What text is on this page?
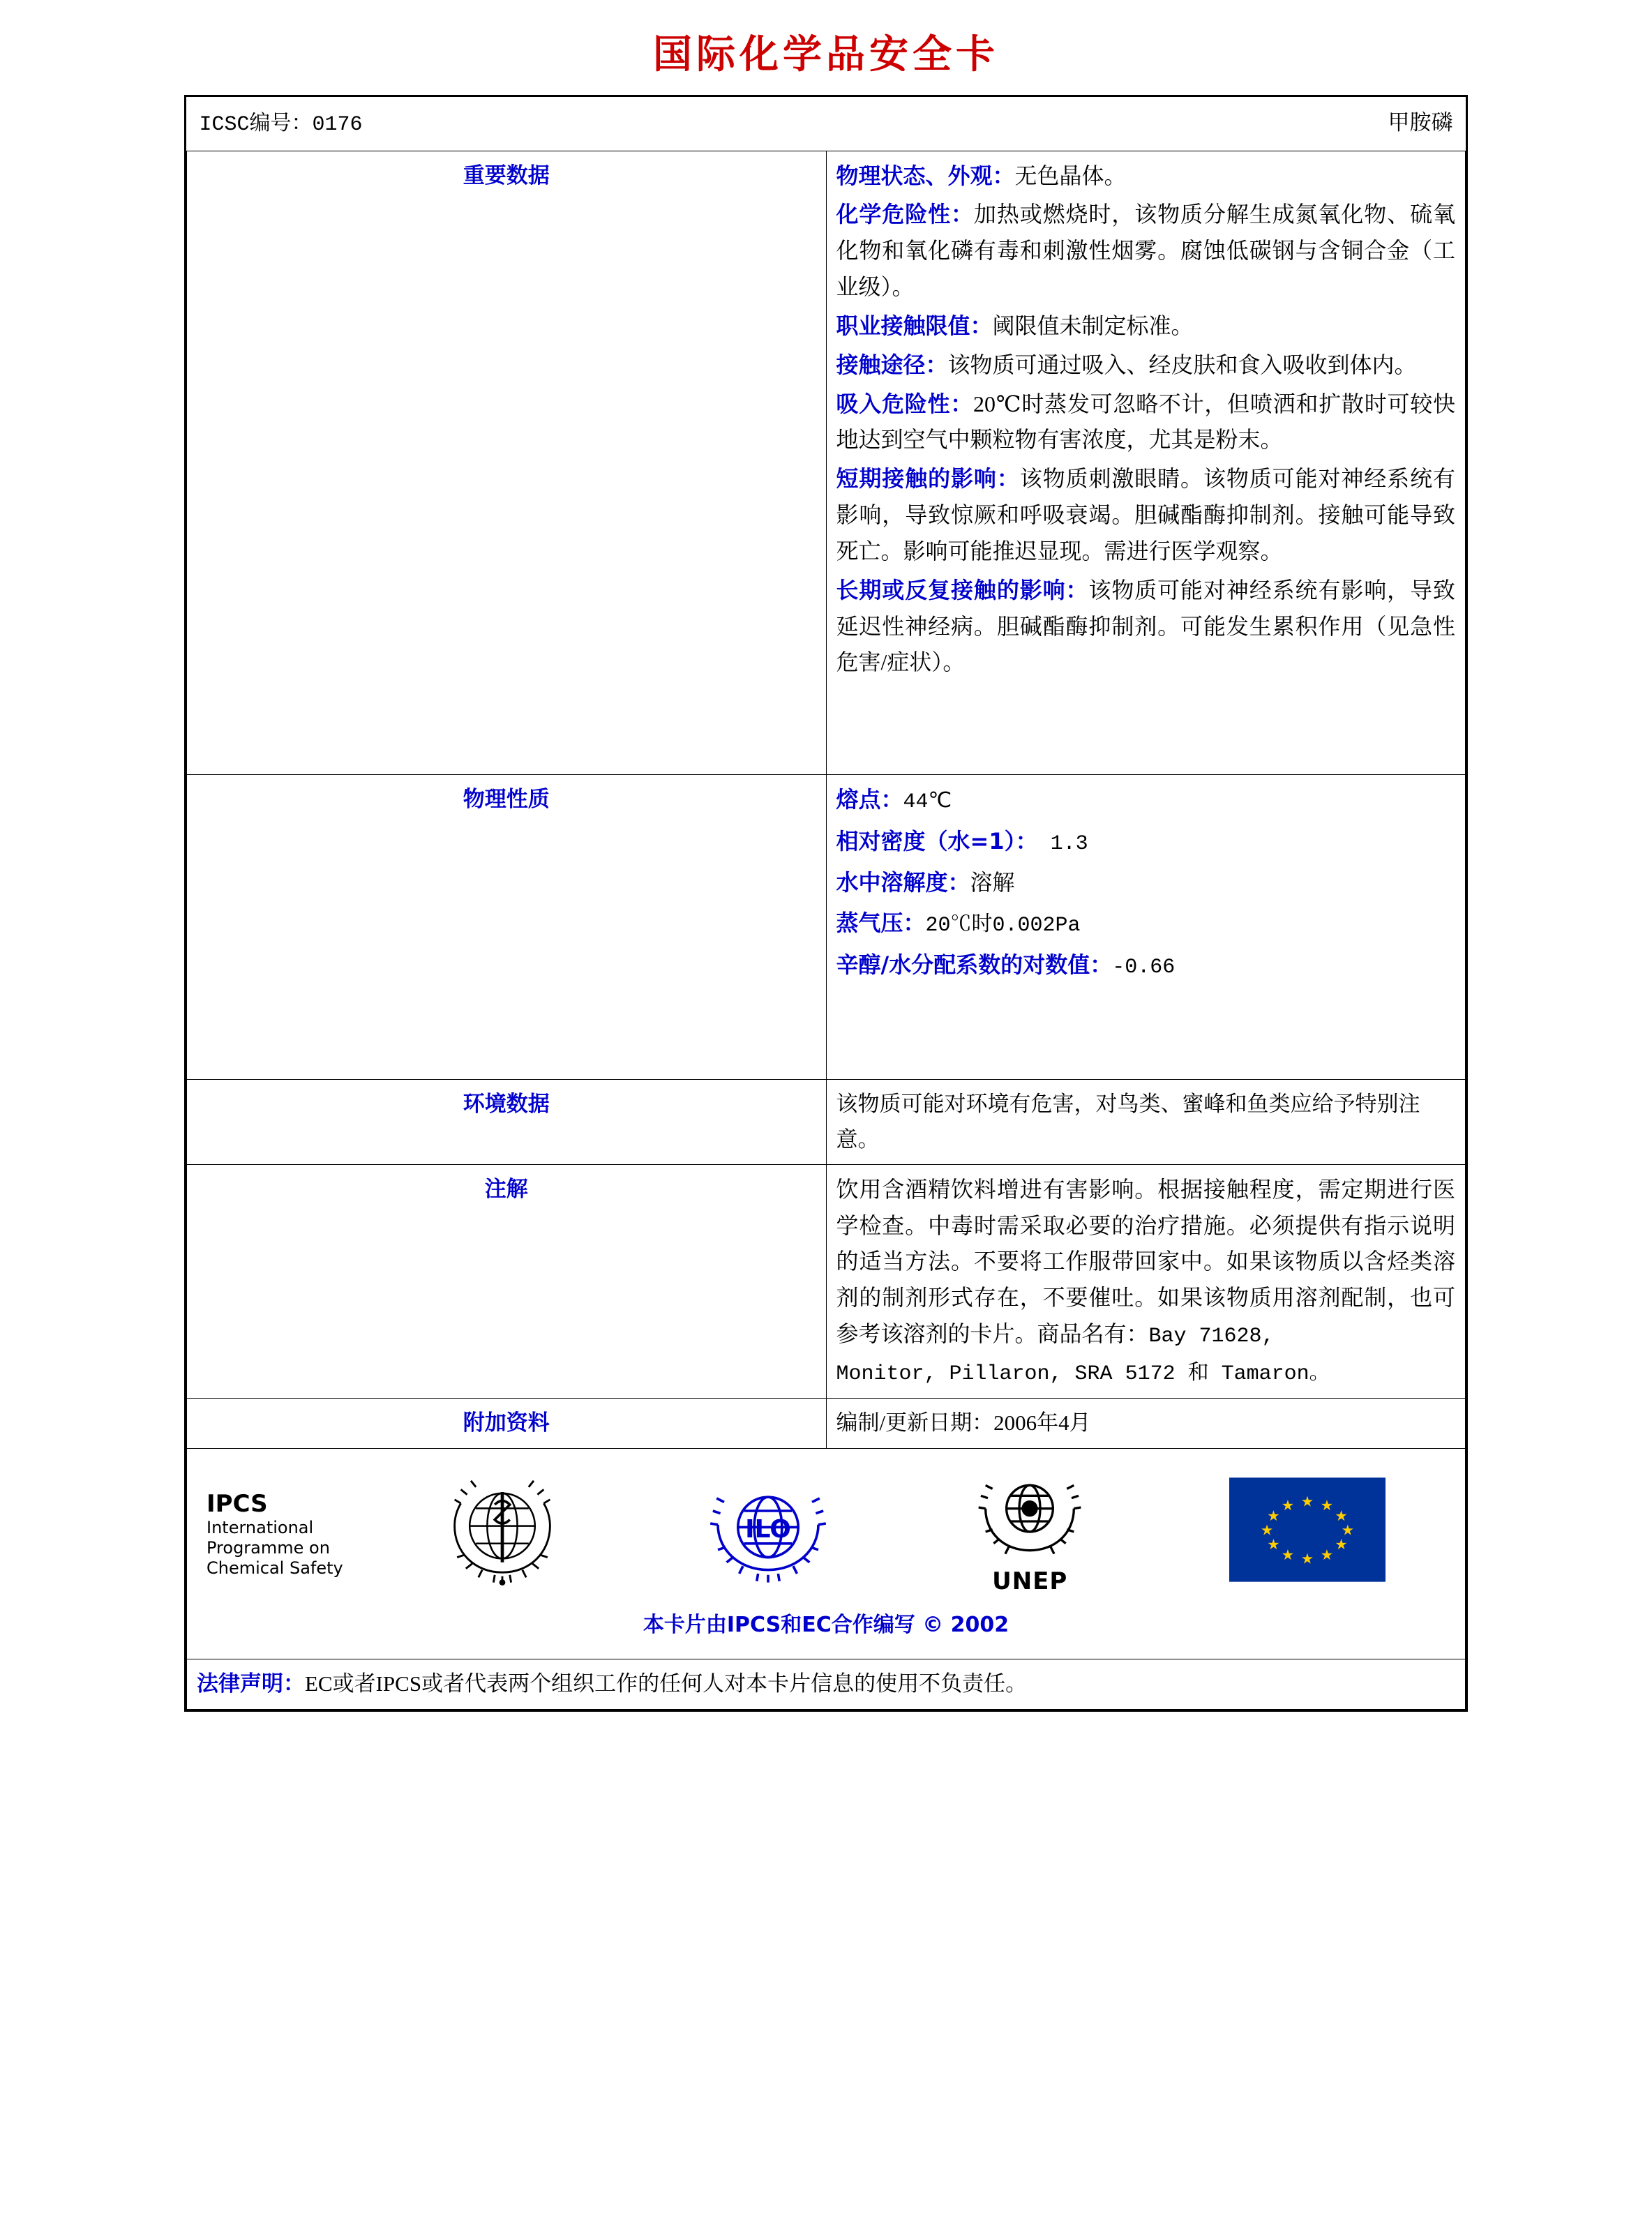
国际化学品安全卡
ICSC编号：0176	甲胺磷

重要数据	物理状态、外观：无色晶体。

化学危险性：加热或燃烧时，该物质分解生成氮氧化物、硫氧化物和氧化磷有毒和刺激性烟雾。腐蚀低碳钢与含铜合金（工业级）。

职业接触限值：阈限值未制定标准。

接触途径：该物质可通过吸入、经皮肤和食入吸收到体内。

吸入危险性：20℃时蒸发可忽略不计，但喷洒和扩散时可较快地达到空气中颗粒物有害浓度，尤其是粉末。

短期接触的影响：该物质刺激眼睛。该物质可能对神经系统有影响，导致惊厥和呼吸衰竭。胆碱酯酶抑制剂。接触可能导致死亡。影响可能推迟显现。需进行医学观察。

长期或反复接触的影响：该物质可能对神经系统有影响，导致延迟性神经病。胆碱酯酶抑制剂。可能发生累积作用（见急性危害/症状）。

物理性质	熔点：44℃

相对密度（水=1）： 1.3

水中溶解度：溶解

蒸气压：20℃时0.002Pa

辛醇/水分配系数的对数值：-0.66

环境数据	该物质可能对环境有危害，对鸟类、蜜峰和鱼类应给予特别注意。
注解	饮用含酒精饮料增进有害影响。根据接触程度，需定期进行医学检查。中毒时需采取必要的治疗措施。必须提供有指示说明的适当方法。不要将工作服带回家中。如果该物质以含烃类溶剂的制剂形式存在，不要催吐。如果该物质用溶剂配制，也可参考该溶剂的卡片。商品名有：Bay 71628,

Monitor, Pillaron, SRA 5172 和 Tamaron。

附加资料	编制/更新日期：2006年4月

IPCS
International
Programme on
Chemical Safety
ILO
UNEP
★
★	★
★	★
★	★
★	★
★	★
★
本卡片由IPCS和EC合作编写 © 2002

法律声明：EC或者IPCS或者代表两个组织工作的任何人对本卡片信息的使用不负责任。
